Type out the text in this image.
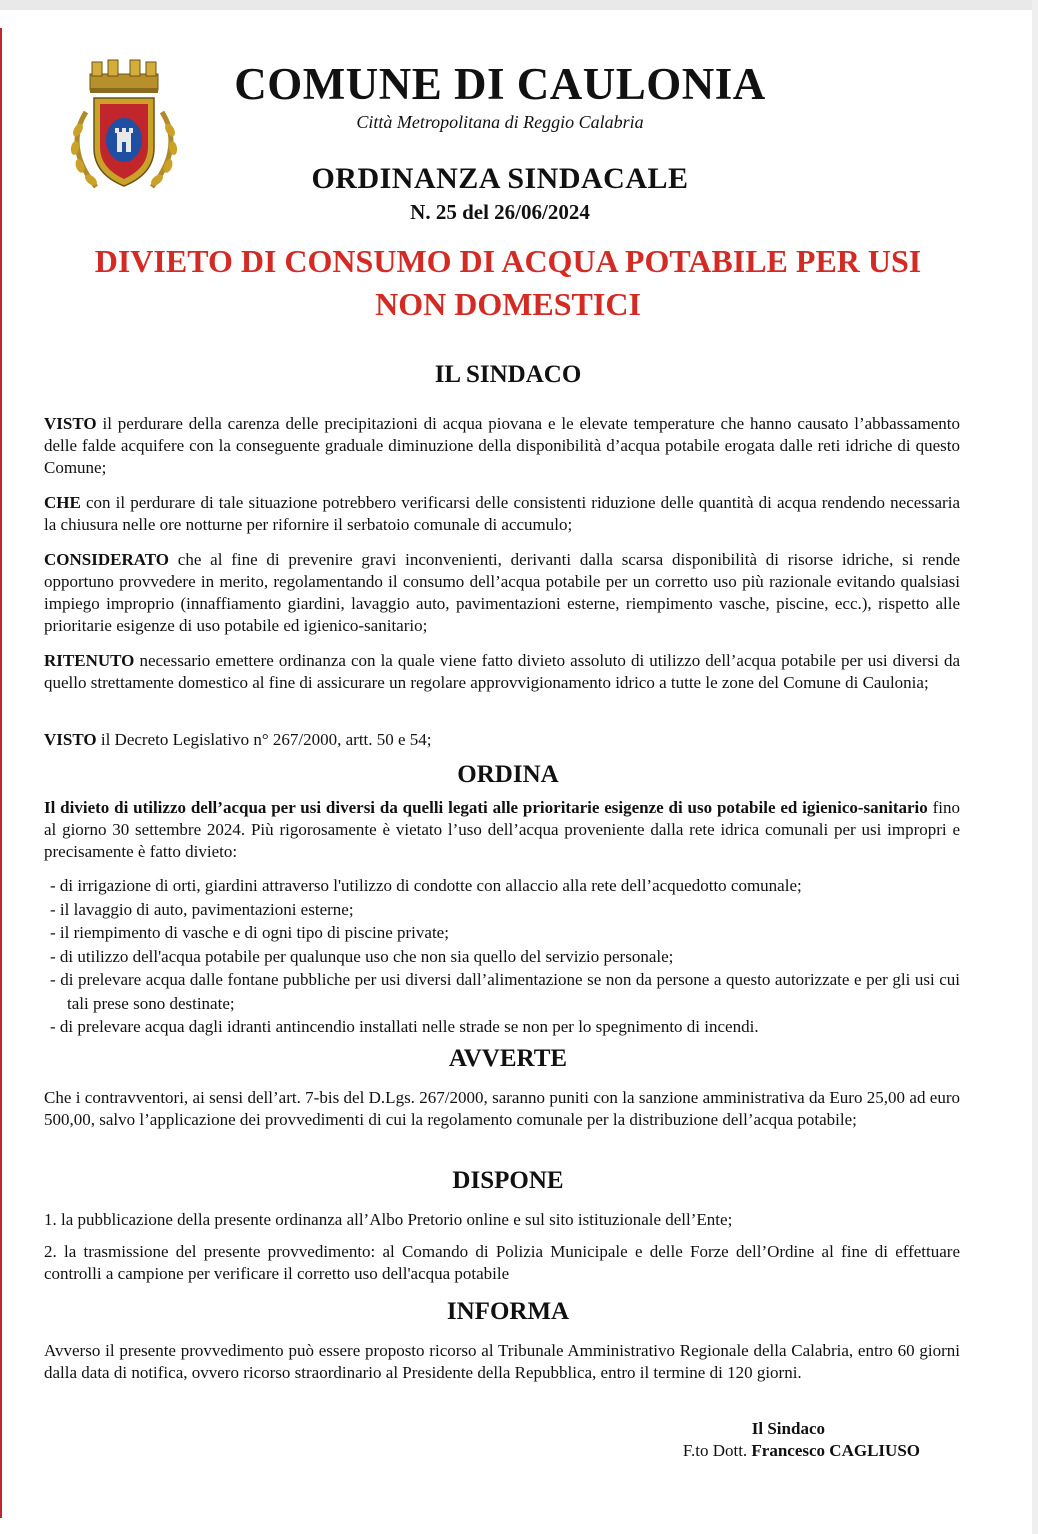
COMUNE DI CAULONIA

Città Metropolitana di Reggio Calabria

ORDINANZA SINDACALE

N. 25 del 26/06/2024

DIVIETO DI CONSUMO DI ACQUA POTABILE PER USI
NON DOMESTICI

IL SINDACO

VISTO il perdurare della carenza delle precipitazioni di acqua piovana e le elevate temperature che hanno causato l’abbassamento delle falde acquifere con la conseguente graduale diminuzione della disponibilità d’acqua potabile erogata dalle reti idriche di questo Comune;

CHE con il perdurare di tale situazione potrebbero verificarsi delle consistenti riduzione delle quantità di acqua rendendo necessaria la chiusura nelle ore notturne per rifornire il serbatoio comunale di accumulo;

CONSIDERATO che al fine di prevenire gravi inconvenienti, derivanti dalla scarsa disponibilità di risorse idriche, si rende opportuno provvedere in merito, regolamentando il consumo dell’acqua potabile per un corretto uso più razionale evitando qualsiasi impiego improprio (innaffiamento giardini, lavaggio auto, pavimentazioni esterne, riempimento vasche, piscine, ecc.), rispetto alle prioritarie esigenze di uso potabile ed igienico-sanitario;

RITENUTO necessario emettere ordinanza con la quale viene fatto divieto assoluto di utilizzo dell’acqua potabile per usi diversi da quello strettamente domestico al fine di assicurare un regolare approvvigionamento idrico a tutte le zone del Comune di Caulonia;

VISTO il Decreto Legislativo n° 267/2000, artt. 50 e 54;

ORDINA

Il divieto di utilizzo dell’acqua per usi diversi da quelli legati alle prioritarie esigenze di uso potabile ed igienico-sanitario fino al giorno 30 settembre 2024. Più rigorosamente è vietato l’uso dell’acqua proveniente dalla rete idrica comunali per usi impropri e precisamente è fatto divieto:

- di irrigazione di orti, giardini attraverso l'utilizzo di condotte con allaccio alla rete dell’acquedotto comunale;
- il lavaggio di auto, pavimentazioni esterne;
- il riempimento di vasche e di ogni tipo di piscine private;
- di utilizzo dell'acqua potabile per qualunque uso che non sia quello del servizio personale;
- di prelevare acqua dalle fontane pubbliche per usi diversi dall’alimentazione se non da persone a questo autorizzate e per gli usi cui tali prese sono destinate;
- di prelevare acqua dagli idranti antincendio installati nelle strade se non per lo spegnimento di incendi.

AVVERTE

Che i contravventori, ai sensi dell’art. 7-bis del D.Lgs. 267/2000, saranno puniti con la sanzione amministrativa da Euro 25,00 ad euro 500,00, salvo l’applicazione dei provvedimenti di cui la regolamento comunale per la distribuzione dell’acqua potabile;

DISPONE

1. la pubblicazione della presente ordinanza all’Albo Pretorio online e sul sito istituzionale dell’Ente;

2. la trasmissione del presente provvedimento: al Comando di Polizia Municipale e delle Forze dell’Ordine al fine di effettuare controlli a campione per verificare il corretto uso dell'acqua potabile

INFORMA

Avverso il presente provvedimento può essere proposto ricorso al Tribunale Amministrativo Regionale della Calabria, entro 60 giorni dalla data di notifica, ovvero ricorso straordinario al Presidente della Repubblica, entro il termine di 120 giorni.

Il Sindaco
F.to Dott. Francesco CAGLIUSO
